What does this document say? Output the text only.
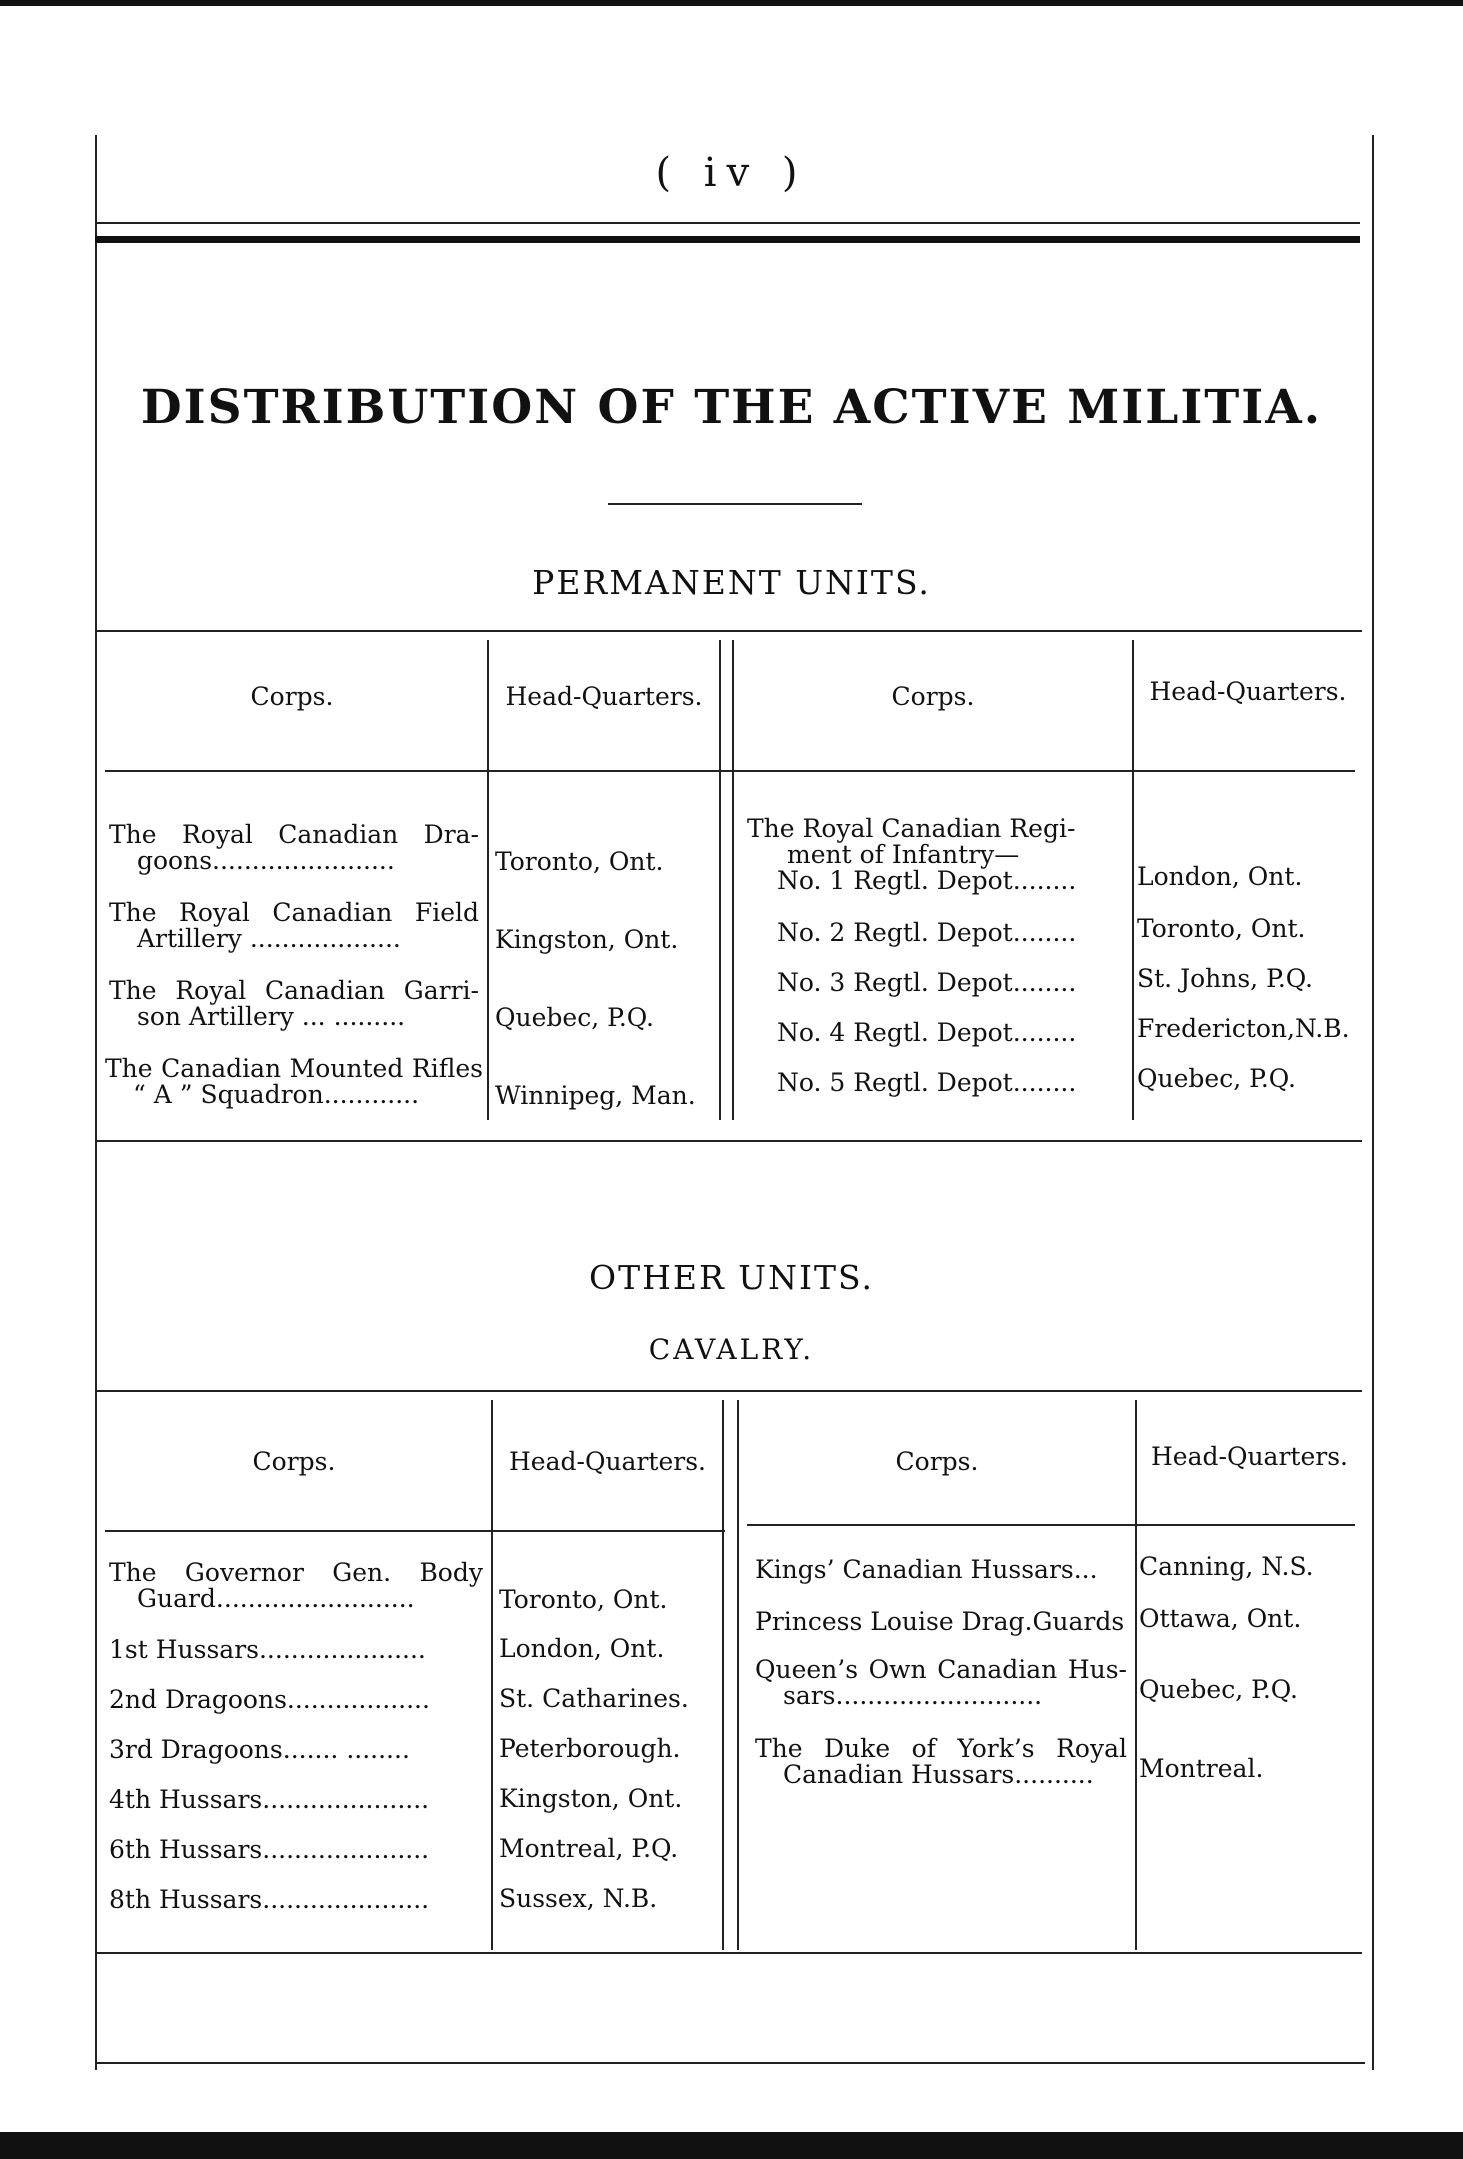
( iv )
DISTRIBUTION OF THE ACTIVE MILITIA.
PERMANENT UNITS.
Corps.	Head-Quarters.	Corps.	Head-Quarters.
The Royal Canadian Dra-
goons.......................	Toronto, Ont.
The Royal Canadian Field
Artillery ...................	Kingston, Ont.
The Royal Canadian Garri-
son Artillery ... .........	Quebec, P.Q.
The Canadian Mounted Rifles
“ A ” Squadron............	Winnipeg, Man.
The Royal Canadian Regi-
ment of Infantry—
No. 1 Regtl. Depot........ London, Ont.
No. 2 Regtl. Depot........ Toronto, Ont.
No. 3 Regtl. Depot........ St. Johns, P.Q.
No. 4 Regtl. Depot........ Fredericton,N.B.
No. 5 Regtl. Depot........ Quebec, P.Q.
OTHER UNITS.
CAVALRY.
Corps.	Head-Quarters.	Corps.	Head-Quarters.
The Governor Gen. Body
Guard.........................	Toronto, Ont.
1st Hussars.....................	London, Ont.
2nd Dragoons..................	St. Catharines.
3rd Dragoons....... ........	Peterborough.
4th Hussars.....................	Kingston, Ont.
6th Hussars.....................	Montreal, P.Q.
8th Hussars.....................	Sussex, N.B.
Kings’ Canadian Hussars... Canning, N.S.
Princess Louise Drag.Guards Ottawa, Ont.
Queen’s Own Canadian Hus-
sars..........................	Quebec, P.Q.
The Duke of York’s Royal
Canadian Hussars..........	Montreal.
